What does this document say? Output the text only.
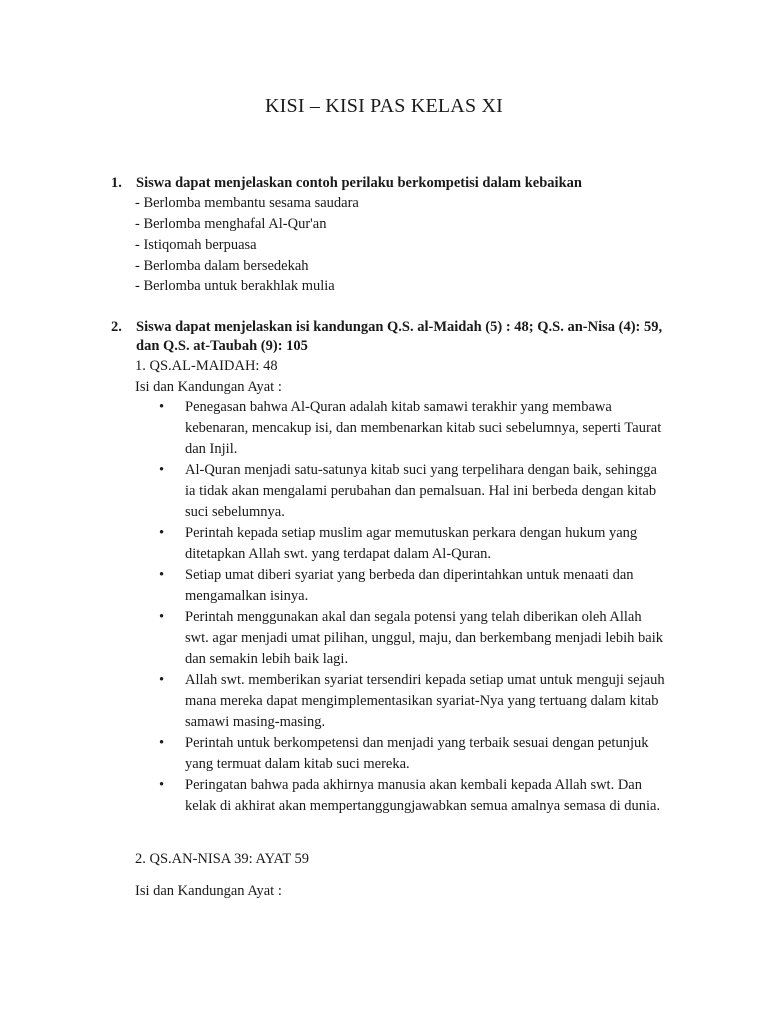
KISI – KISI PAS KELAS XI
1. Siswa dapat menjelaskan contoh perilaku berkompetisi dalam kebaikan
- Berlomba membantu sesama saudara
- Berlomba menghafal Al-Qur'an
- Istiqomah berpuasa
- Berlomba dalam bersedekah
- Berlomba untuk berakhlak mulia
2. Siswa dapat menjelaskan isi kandungan Q.S. al-Maidah (5) : 48; Q.S. an-Nisa (4): 59,
dan Q.S. at-Taubah (9): 105
1. QS.AL-MAIDAH: 48
Isi dan Kandungan Ayat :
• Penegasan bahwa Al-Quran adalah kitab samawi terakhir yang membawa kebenaran, mencakup isi, dan membenarkan kitab suci sebelumnya, seperti Taurat dan Injil.
• Al-Quran menjadi satu-satunya kitab suci yang terpelihara dengan baik, sehingga ia tidak akan mengalami perubahan dan pemalsuan. Hal ini berbeda dengan kitab suci sebelumnya.
• Perintah kepada setiap muslim agar memutuskan perkara dengan hukum yang ditetapkan Allah swt. yang terdapat dalam Al-Quran.
• Setiap umat diberi syariat yang berbeda dan diperintahkan untuk menaati dan mengamalkan isinya.
• Perintah menggunakan akal dan segala potensi yang telah diberikan oleh Allah swt. agar menjadi umat pilihan, unggul, maju, dan berkembang menjadi lebih baik dan semakin lebih baik lagi.
• Allah swt. memberikan syariat tersendiri kepada setiap umat untuk menguji sejauh mana mereka dapat mengimplementasikan syariat-Nya yang tertuang dalam kitab samawi masing-masing.
• Perintah untuk berkompetensi dan menjadi yang terbaik sesuai dengan petunjuk yang termuat dalam kitab suci mereka.
• Peringatan bahwa pada akhirnya manusia akan kembali kepada Allah swt. Dan kelak di akhirat akan mempertanggungjawabkan semua amalnya semasa di dunia.
2. QS.AN-NISA 39: AYAT 59
Isi dan Kandungan Ayat :
